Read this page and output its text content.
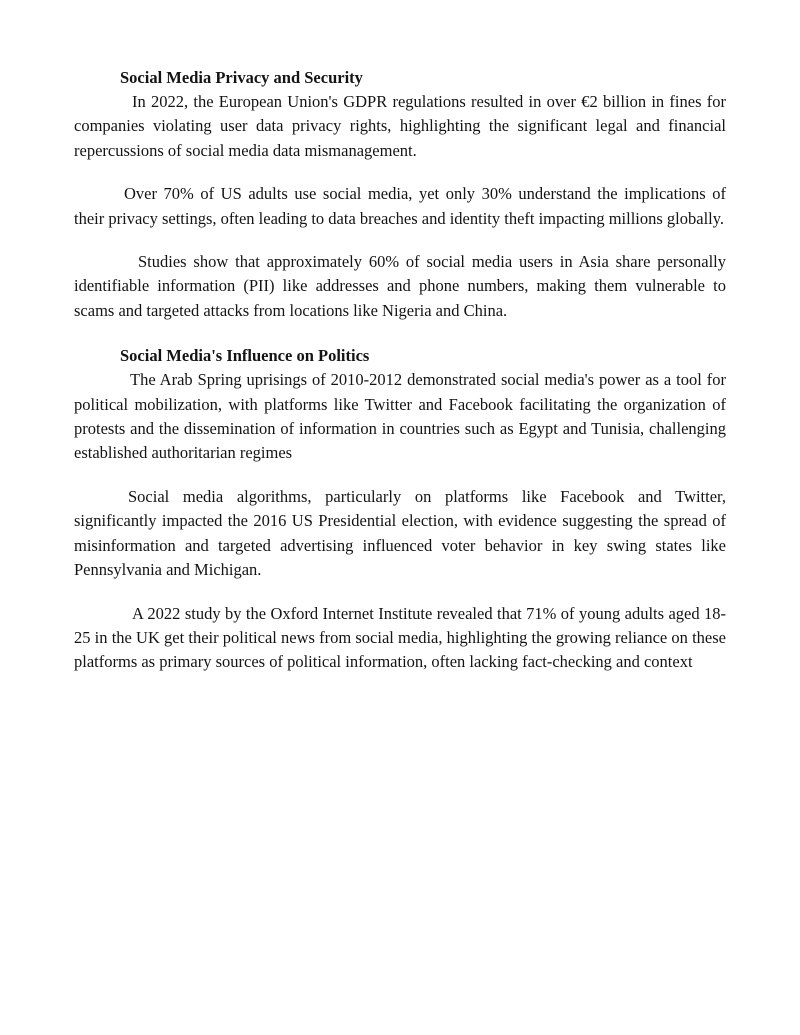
Social Media Privacy and Security

In 2022, the European Union's GDPR regulations resulted in over €2 billion in fines for companies violating user data privacy rights, highlighting the significant legal and financial repercussions of social media data mismanagement.

Over 70% of US adults use social media, yet only 30% understand the implications of their privacy settings, often leading to data breaches and identity theft impacting millions globally.

Studies show that approximately 60% of social media users in Asia share personally identifiable information (PII) like addresses and phone numbers, making them vulnerable to scams and targeted attacks from locations like Nigeria and China.

Social Media's Influence on Politics

The Arab Spring uprisings of 2010-2012 demonstrated social media's power as a tool for political mobilization, with platforms like Twitter and Facebook facilitating the organization of protests and the dissemination of information in countries such as Egypt and Tunisia, challenging established authoritarian regimes

Social media algorithms, particularly on platforms like Facebook and Twitter, significantly impacted the 2016 US Presidential election, with evidence suggesting the spread of misinformation and targeted advertising influenced voter behavior in key swing states like Pennsylvania and Michigan.

A 2022 study by the Oxford Internet Institute revealed that 71% of young adults aged 18-25 in the UK get their political news from social media, highlighting the growing reliance on these platforms as primary sources of political information, often lacking fact-checking and context
